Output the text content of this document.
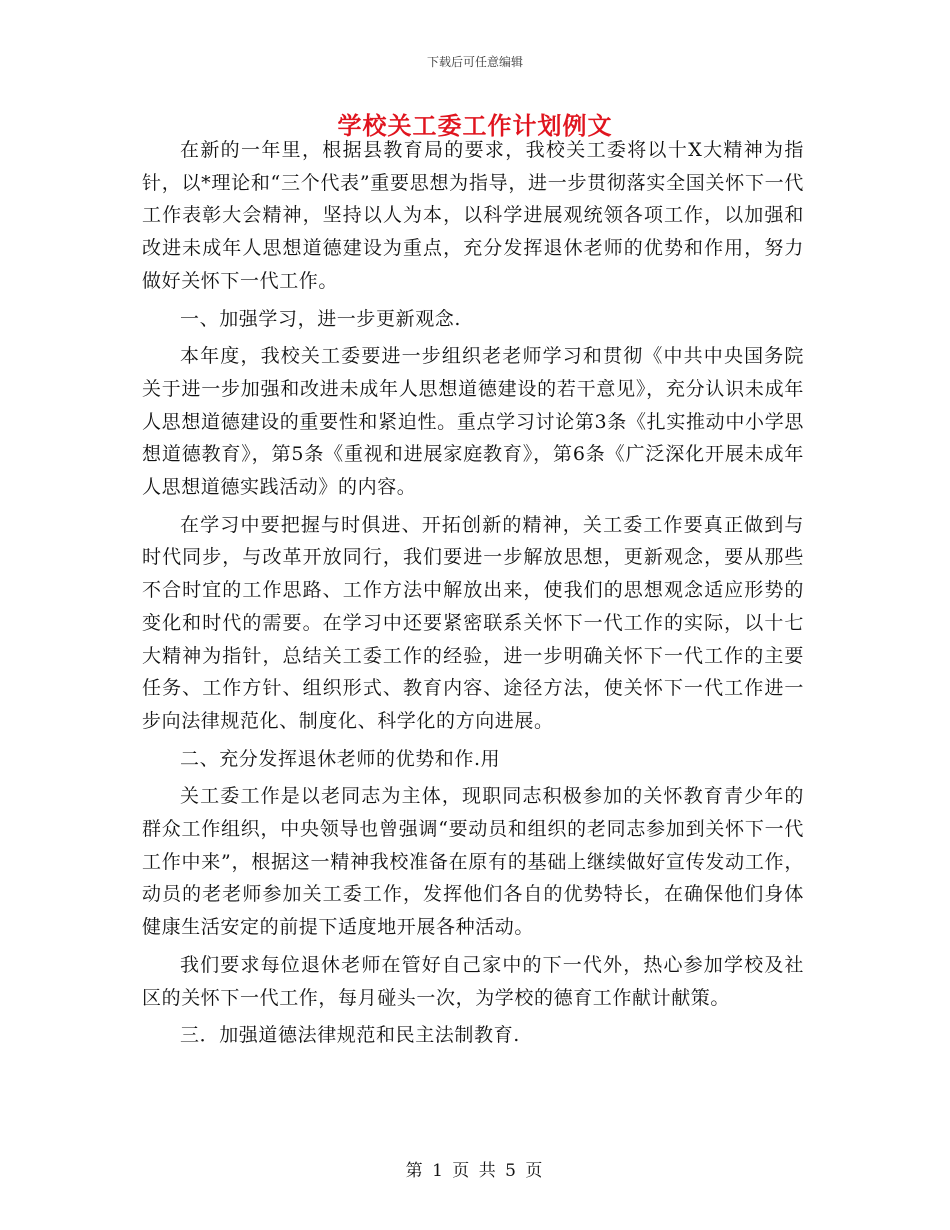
下载后可任意编辑
学校关工委工作计划例文

在新的一年里，根据县教育局的要求，我校关工委将以十X大精神为指针，以*理论和“三个代表”重要思想为指导，进一步贯彻落实全国关怀下一代工作表彰大会精神，坚持以人为本，以科学进展观统领各项工作，以加强和改进未成年人思想道德建设为重点，充分发挥退休老师的优势和作用，努力做好关怀下一代工作。

一、加强学习，进一步更新观念.

本年度，我校关工委要进一步组织老老师学习和贯彻《中共中央国务院关于进一步加强和改进未成年人思想道德建设的若干意见》，充分认识未成年人思想道德建设的重要性和紧迫性。重点学习讨论第3条《扎实推动中小学思想道德教育》，第5条《重视和进展家庭教育》，第6条《广泛深化开展未成年人思想道德实践活动》的内容。

在学习中要把握与时俱进、开拓创新的精神，关工委工作要真正做到与时代同步，与改革开放同行，我们要进一步解放思想，更新观念，要从那些不合时宜的工作思路、工作方法中解放出来，使我们的思想观念适应形势的变化和时代的需要。在学习中还要紧密联系关怀下一代工作的实际，以十七大精神为指针，总结关工委工作的经验，进一步明确关怀下一代工作的主要任务、工作方针、组织形式、教育内容、途径方法，使关怀下一代工作进一步向法律规范化、制度化、科学化的方向进展。

二、充分发挥退休老师的优势和作.用

关工委工作是以老同志为主体，现职同志积极参加的关怀教育青少年的群众工作组织，中央领导也曾强调“要动员和组织的老同志参加到关怀下一代工作中来”，根据这一精神我校准备在原有的基础上继续做好宣传发动工作，动员的老老师参加关工委工作，发挥他们各自的优势特长，在确保他们身体健康生活安定的前提下适度地开展各种活动。

我们要求每位退休老师在管好自己家中的下一代外，热心参加学校及社区的关怀下一代工作，每月碰头一次，为学校的德育工作献计献策。

三．加强道德法律规范和民主法制教育.

第 1 页 共 5 页
